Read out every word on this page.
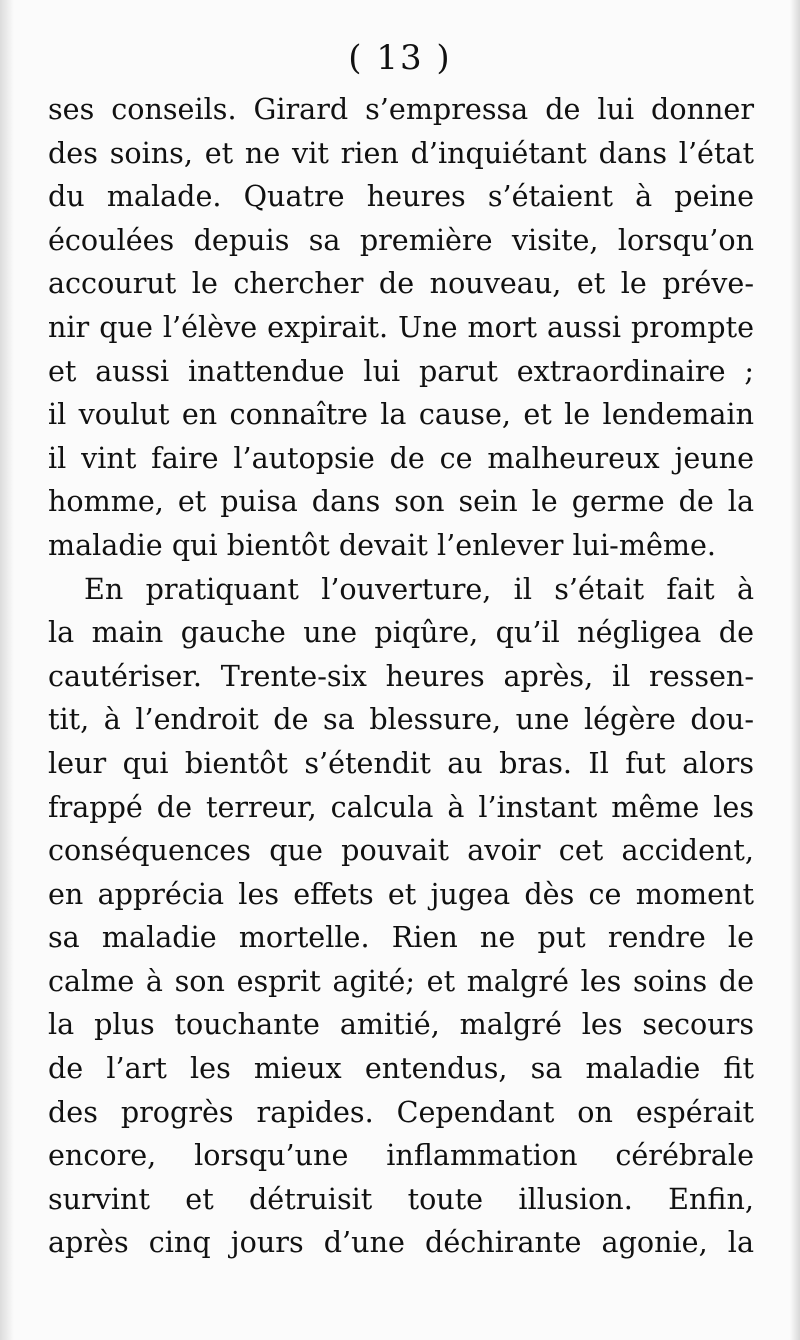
( 13 )
ses conseils. Girard s’empressa de lui donner
des soins, et ne vit rien d’inquiétant dans l’état
du malade. Quatre heures s’étaient à peine
écoulées depuis sa première visite, lorsqu’on
accourut le chercher de nouveau, et le préve-
nir que l’élève expirait. Une mort aussi prompte
et aussi inattendue lui parut extraordinaire ;
il voulut en connaître la cause, et le lendemain
il vint faire l’autopsie de ce malheureux jeune
homme, et puisa dans son sein le germe de la
maladie qui bientôt devait l’enlever lui-même.
En pratiquant l’ouverture, il s’était fait à
la main gauche une piqûre, qu’il négligea de
cautériser. Trente-six heures après, il ressen-
tit, à l’endroit de sa blessure, une légère dou-
leur qui bientôt s’étendit au bras. Il fut alors
frappé de terreur, calcula à l’instant même les
conséquences que pouvait avoir cet accident,
en apprécia les effets et jugea dès ce moment
sa maladie mortelle. Rien ne put rendre le
calme à son esprit agité; et malgré les soins de
la plus touchante amitié, malgré les secours
de l’art les mieux entendus, sa maladie fit
des progrès rapides. Cependant on espérait
encore, lorsqu’une inflammation cérébrale
survint et détruisit toute illusion. Enfin,
après cinq jours d’une déchirante agonie, la
